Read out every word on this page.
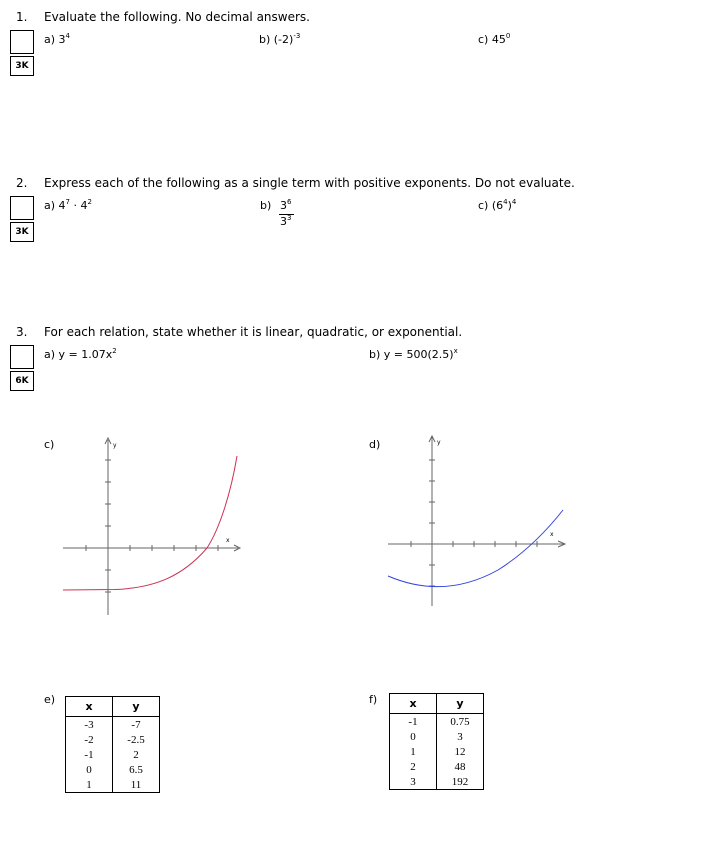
1. Evaluate the following. No decimal answers.
3K
a) $3^4$	b) $(-2)^{-3}$	c) $45^0$
2. Express each of the following as a single term with positive exponents. Do not evaluate.
3K
a) $4^7 \cdot 4^2$	b) $3^6$
$3^3$
c) $(6^4)^4$
3. For each relation, state whether it is linear, quadratic, or exponential.
6K
a) $y = 1.07x^2$	b) $y = 500(2.5)^x$
c)	d)
x
y
x
y
e)	f)
x	y
-3	-7
-2	-2.5
-1	2
0	6.5
1	11
x	y
-1	0.75
0	3
1	12
2	48
3	192
